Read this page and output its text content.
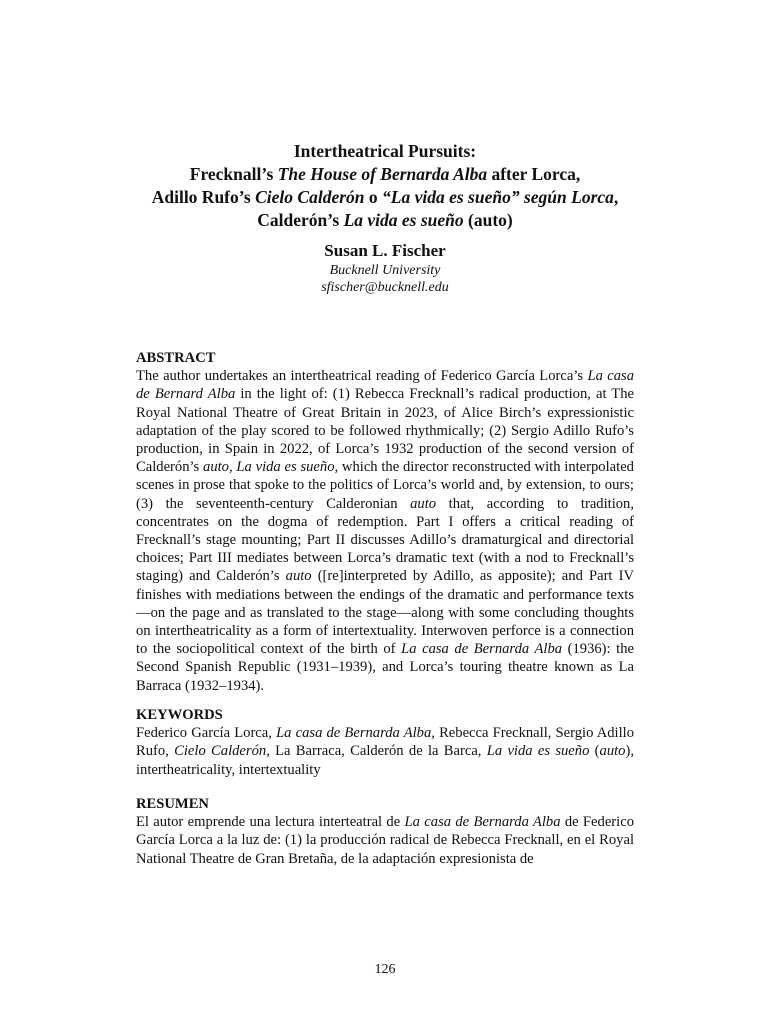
Intertheatrical Pursuits:
Frecknall’s The House of Bernarda Alba after Lorca,
Adillo Rufo’s Cielo Calderón o “La vida es sueño” según Lorca,
Calderón’s La vida es sueño (auto)
Susan L. Fischer
Bucknell University
sfischer@bucknell.edu
ABSTRACT
The author undertakes an intertheatrical reading of Federico García Lorca’s La casa de Bernard Alba in the light of: (1) Rebecca Frecknall’s radical production, at The Royal National Theatre of Great Britain in 2023, of Alice Birch’s expressionistic adaptation of the play scored to be followed rhythmically; (2) Sergio Adillo Rufo’s production, in Spain in 2022, of Lorca’s 1932 production of the second version of Calderón’s auto, La vida es sueño, which the director reconstructed with interpolated scenes in prose that spoke to the politics of Lorca’s world and, by extension, to ours; (3) the seventeenth-century Calderonian auto that, according to tradition, concentrates on the dogma of redemption. Part I offers a critical reading of Frecknall’s stage mounting; Part II discusses Adillo’s dramaturgical and directorial choices; Part III mediates between Lorca’s dramatic text (with a nod to Frecknall’s staging) and Calderón’s auto ([re]interpreted by Adillo, as apposite); and Part IV finishes with mediations between the endings of the dramatic and performance texts—on the page and as translated to the stage—along with some concluding thoughts on intertheatricality as a form of intertextuality. Interwoven perforce is a connection to the sociopolitical context of the birth of La casa de Bernarda Alba (1936): the Second Spanish Republic (1931–1939), and Lorca’s touring theatre known as La Barraca (1932–1934).
KEYWORDS
Federico García Lorca, La casa de Bernarda Alba, Rebecca Frecknall, Sergio Adillo Rufo, Cielo Calderón, La Barraca, Calderón de la Barca, La vida es sueño (auto), intertheatricality, intertextuality
RESUMEN
El autor emprende una lectura interteatral de La casa de Bernarda Alba de Federico García Lorca a la luz de: (1) la producción radical de Rebecca Frecknall, en el Royal National Theatre de Gran Bretaña, de la adaptación expresionista de
126
